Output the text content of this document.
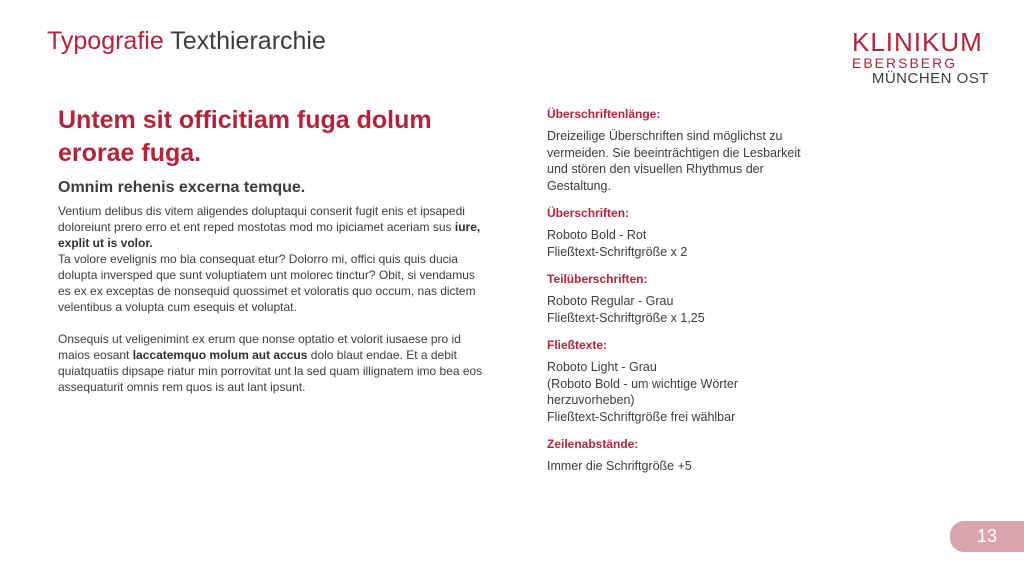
Typografie Texthierarchie	KLINIKUM
EBERSBERG
MÜNCHEN OST
Untem sit officitiam fuga dolum erorae fuga.
Omnim rehenis excerna temque.

Ventium delibus dis vitem aligendes doluptaqui conserit fugit enis et ipsapedi doloreiunt prero erro et ent reped mostotas mod mo ipiciamet aceriam sus iure, explit ut is volor.
Ta volore evelignis mo bla consequat etur? Dolorro mi, offici quis quis ducia dolupta inversped que sunt voluptiatem unt molorec tinctur? Obit, si vendamus es ex ex exceptas de nonsequid quossimet et voloratis quo occum, nas dictem velentibus a volupta cum esequis et voluptat.

Onsequis ut veligenimint ex erum que nonse optatio et volorit iusaese pro id maios eosant laccatemquo molum aut accus dolo blaut endae. Et a debit quiatquatiis dipsape riatur min porrovitat unt la sed quam illignatem imo bea eos assequaturit omnis rem quos is aut lant ipsunt.

Überschriftenlänge:
Dreizeilige Überschriften sind möglichst zu vermeiden. Sie beeinträchtigen die Lesbarkeit und stören den visuellen Rhythmus der Gestaltung.
Überschriften:
Roboto Bold - Rot
Fließtext-Schriftgröße x 2
Teilüberschriften:
Roboto Regular - Grau
Fließtext-Schriftgröße x 1,25
Fließtexte:
Roboto Light - Grau
(Roboto Bold - um wichtige Wörter
herzuvorheben)
Fließtext-Schriftgröße frei wählbar
Zeilenabstände:
Immer die Schriftgröße +5
13
